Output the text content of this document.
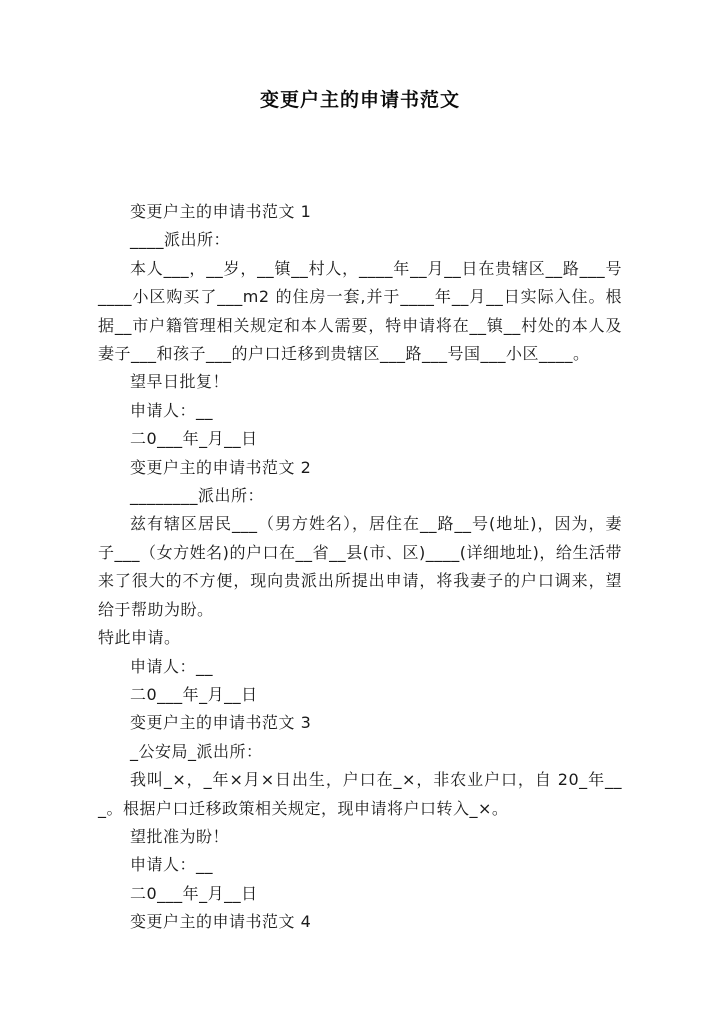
变更户主的申请书范文

变更户主的申请书范文 1

____派出所：

本人___，__岁，__镇__村人，____年__月__日在贵辖区__路___号____小区购买了___m2 的住房一套,并于____年__月__日实际入住。根据__市户籍管理相关规定和本人需要，特申请将在__镇__村处的本人及妻子___和孩子___的户口迁移到贵辖区___路___号国___小区____。

望早日批复！

申请人：__

二0___年_月__日

变更户主的申请书范文 2

________派出所：

兹有辖区居民___（男方姓名），居住在__路__号(地址)，因为，妻子___（女方姓名)的户口在__省__县(市、区)____(详细地址)，给生活带来了很大的不方便，现向贵派出所提出申请，将我妻子的户口调来，望给于帮助为盼。

特此申请。

申请人：__

二0___年_月__日

变更户主的申请书范文 3

_公安局_派出所：

我叫_×，_年×月×日出生，户口在_×，非农业户口，自 20_年___。根据户口迁移政策相关规定，现申请将户口转入_×。

望批准为盼！

申请人：__

二0___年_月__日

变更户主的申请书范文 4
